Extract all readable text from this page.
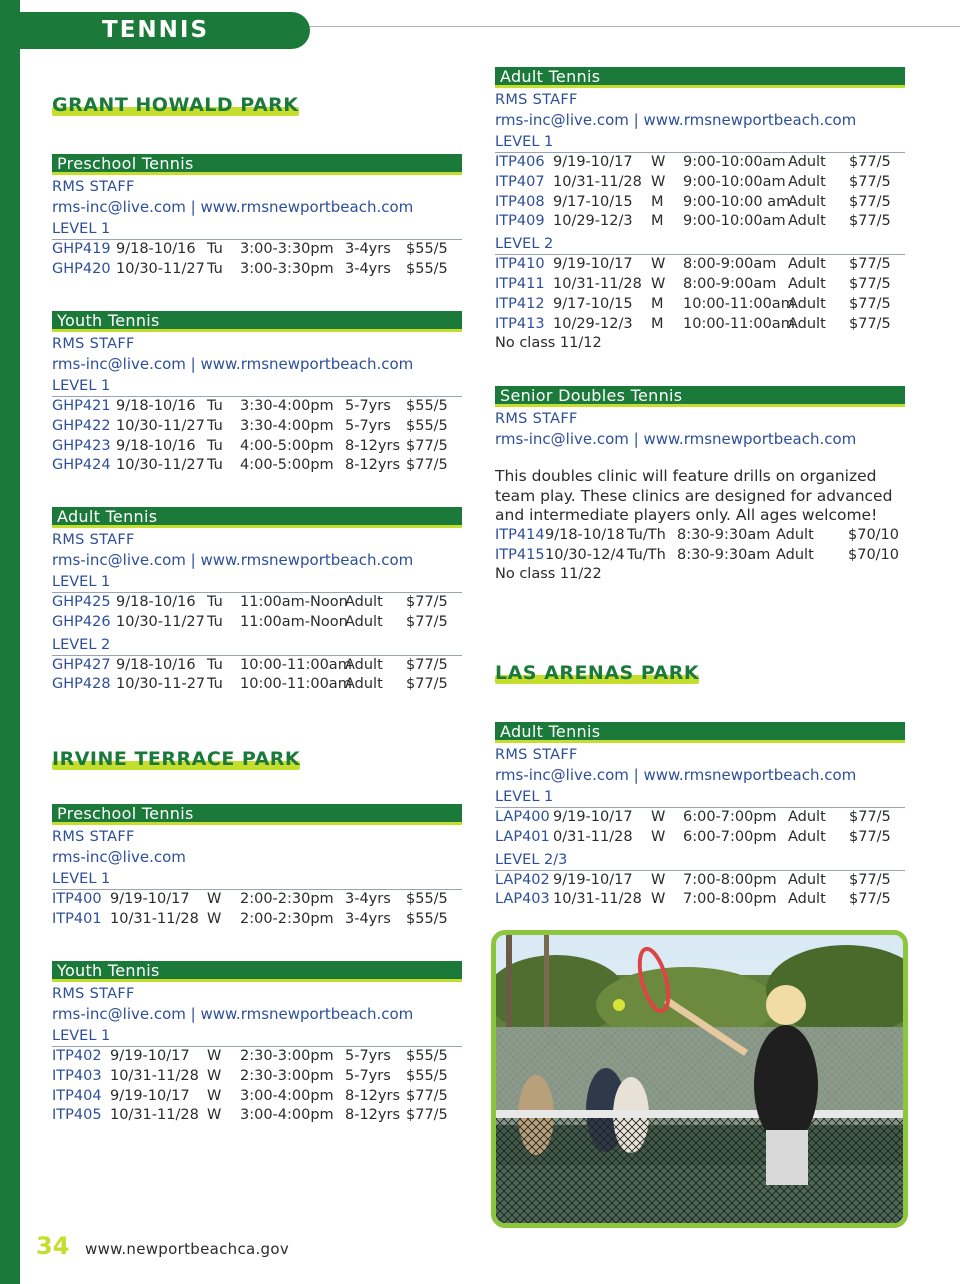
TENNIS
GRANT HOWALD PARK
IRVINE TERRACE PARK
LAS ARENAS PARK
Preschool Tennis
RMS STAFF
rms-inc@live.com | www.rmsnewportbeach.com
LEVEL 1
GHP419 9/18-10/16 Tu 3:00-3:30pm 3-4yrs $55/5
GHP420 10/30-11/27 Tu 3:00-3:30pm 3-4yrs $55/5
Youth Tennis
RMS STAFF
rms-inc@live.com | www.rmsnewportbeach.com
LEVEL 1
GHP421 9/18-10/16 Tu 3:30-4:00pm 5-7yrs $55/5
GHP422 10/30-11/27 Tu 3:30-4:00pm 5-7yrs $55/5
GHP423 9/18-10/16 Tu 4:00-5:00pm 8-12yrs $77/5
GHP424 10/30-11/27 Tu 4:00-5:00pm 8-12yrs $77/5
Adult Tennis
RMS STAFF
rms-inc@live.com | www.rmsnewportbeach.com
LEVEL 1
GHP425 9/18-10/16 Tu 11:00am-Noon
Adult $77/5
GHP426 10/30-11/27 Tu 11:00am-Noon
Adult $77/5
LEVEL 2
GHP427 9/18-10/16 Tu 10:00-11:00am
Adult $77/5
GHP428 10/30-11-27 Tu 10:00-11:00am
Adult $77/5
Preschool Tennis
RMS STAFF
rms-inc@live.com
LEVEL 1
ITP400 9/19-10/17 W 2:00-2:30pm 3-4yrs $55/5
ITP401 10/31-11/28 W 2:00-2:30pm 3-4yrs $55/5
Youth Tennis
RMS STAFF
rms-inc@live.com | www.rmsnewportbeach.com
LEVEL 1
ITP402 9/19-10/17 W 2:30-3:00pm 5-7yrs $55/5
ITP403 10/31-11/28 W 2:30-3:00pm 5-7yrs $55/5
ITP404 9/19-10/17 W 3:00-4:00pm 8-12yrs $77/5
ITP405 10/31-11/28 W 3:00-4:00pm 8-12yrs $77/5
Adult Tennis
RMS STAFF
rms-inc@live.com | www.rmsnewportbeach.com
LEVEL 1
ITP406 9/19-10/17 W 9:00-10:00am Adult $77/5
ITP407 10/31-11/28 W 9:00-10:00am Adult $77/5
ITP408 9/17-10/15 M 9:00-10:00 am
Adult $77/5
ITP409 10/29-12/3 M 9:00-10:00am Adult $77/5
LEVEL 2
ITP410 9/19-10/17 W 8:00-9:00am Adult $77/5
ITP411 10/31-11/28 W 8:00-9:00am Adult $77/5
ITP412 9/17-10/15 M 10:00-11:00am
Adult $77/5
ITP413 10/29-12/3 M 10:00-11:00am
Adult $77/5
No class 11/12
Senior Doubles Tennis
RMS STAFF
rms-inc@live.com | www.rmsnewportbeach.com
This doubles clinic will feature drills on organized team play. These clinics are designed for advanced and intermediate players only. All ages welcome!
ITP414 9/18-10/18 Tu/Th 8:30-9:30am Adult $70/10
ITP415 10/30-12/4 Tu/Th 8:30-9:30am Adult $70/10
No class 11/22
Adult Tennis
RMS STAFF
rms-inc@live.com | www.rmsnewportbeach.com
LEVEL 1
LAP400 9/19-10/17 W 6:00-7:00pm Adult $77/5
LAP401 0/31-11/28 W 6:00-7:00pm Adult $77/5
LEVEL 2/3
LAP402 9/19-10/17 W 7:00-8:00pm Adult $77/5
LAP403 10/31-11/28 W 7:00-8:00pm Adult $77/5
34 www.newportbeachca.gov
